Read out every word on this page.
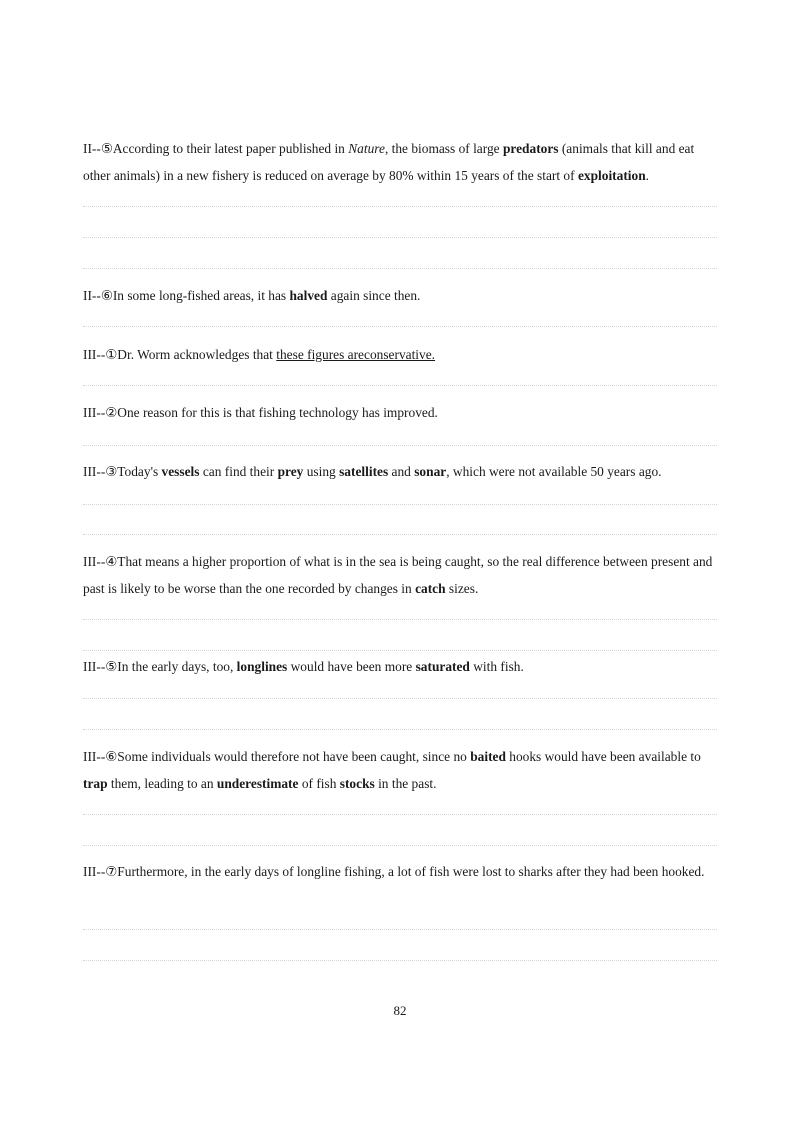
II--⑤According to their latest paper published in Nature, the biomass of large predators (animals that kill and eat other animals) in a new fishery is reduced on average by 80% within 15 years of the start of exploitation.
II--⑥In some long-fished areas, it has halved again since then.
III--①Dr. Worm acknowledges that these figures areconservative.
III--②One reason for this is that fishing technology has improved.
III--③Today's vessels can find their prey using satellites and sonar, which were not available 50 years ago.
III--④That means a higher proportion of what is in the sea is being caught, so the real difference between present and past is likely to be worse than the one recorded by changes in catch sizes.
III--⑤In the early days, too, longlines would have been more saturated with fish.
III--⑥Some individuals would therefore not have been caught, since no baited hooks would have been available to trap them, leading to an underestimate of fish stocks in the past.
III--⑦Furthermore, in the early days of longline fishing, a lot of fish were lost to sharks after they had been hooked.
82
